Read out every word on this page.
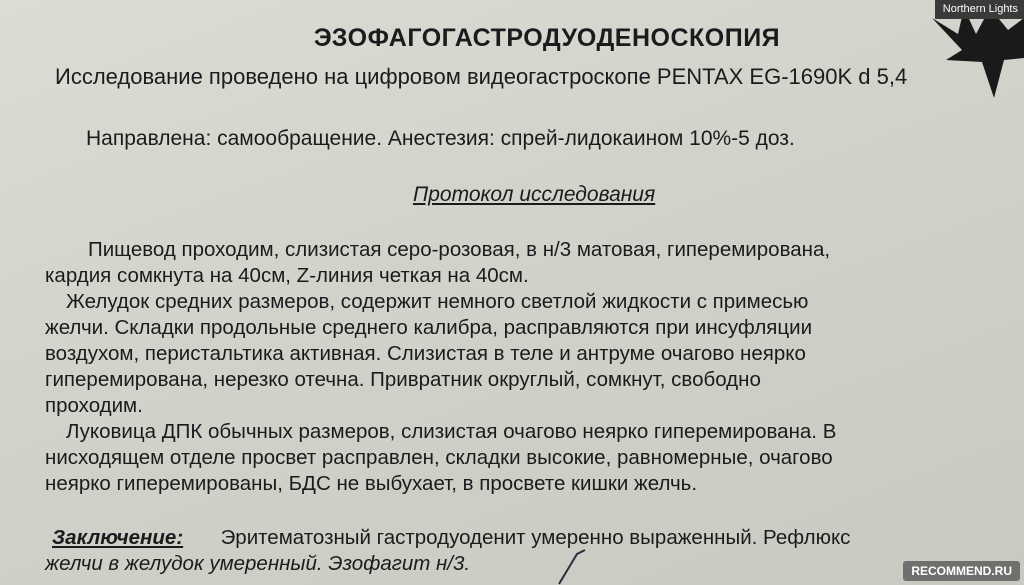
ЭЗОФАГОГАСТРОДУОДЕНОСКОПИЯ
Исследование проведено на цифровом видеогастроскопе PENTAX EG-1690K d 5,4
Направлена: самообращение. Анестезия: спрей-лидокаином 10%-5 доз.
Протокол исследования
Пищевод проходим, слизистая серо-розовая, в н/3 матовая, гиперемирована,
кардия сомкнута на 40см, Z-линия четкая на 40см.
Желудок средних размеров, содержит немного светлой жидкости с примесью
желчи. Складки продольные среднего калибра, расправляются при инсуфляции
воздухом, перистальтика активная. Слизистая в теле и антруме очагово неярко
гиперемирована, нерезко отечна. Привратник округлый, сомкнут, свободно
проходим.
Луковица ДПК обычных размеров, слизистая очагово неярко гиперемирована. В
нисходящем отделе просвет расправлен, складки высокие, равномерные, очагово
неярко гиперемированы, БДС не выбухает, в просвете кишки желчь.
Заключение: Эритематозный гастродуоденит умеренно выраженный. Рефлюкс
желчи в желудок умеренный. Эзофагит н/3.
Northern Lights
RECOMMEND.RU
